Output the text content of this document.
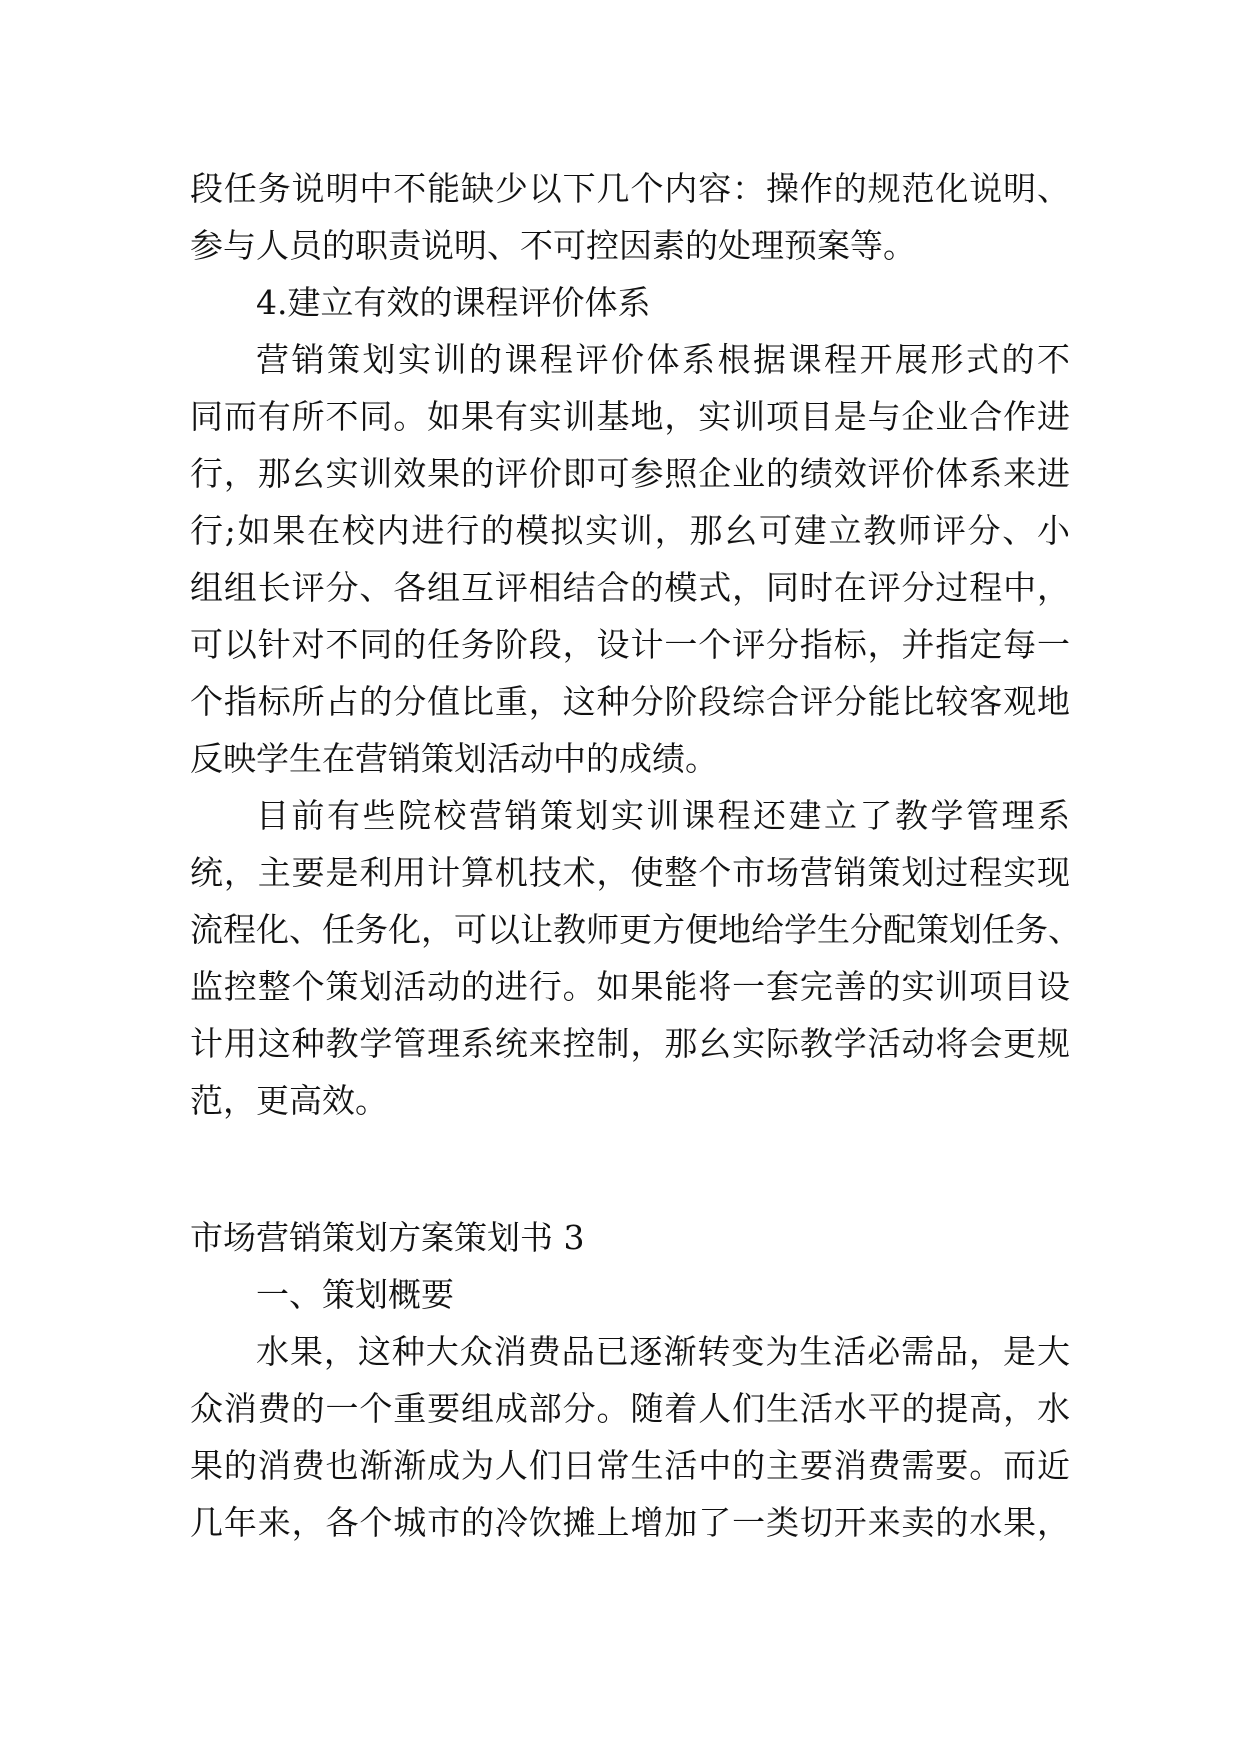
段任务说明中不能缺少以下几个内容：操作的规范化说明、
参与人员的职责说明、不可控因素的处理预案等。
4.建立有效的课程评价体系
营销策划实训的课程评价体系根据课程开展形式的不
同而有所不同。如果有实训基地，实训项目是与企业合作进
行，那幺实训效果的评价即可参照企业的绩效评价体系来进
行;如果在校内进行的模拟实训，那幺可建立教师评分、小
组组长评分、各组互评相结合的模式，同时在评分过程中，
可以针对不同的任务阶段，设计一个评分指标，并指定每一
个指标所占的分值比重，这种分阶段综合评分能比较客观地
反映学生在营销策划活动中的成绩。
目前有些院校营销策划实训课程还建立了教学管理系
统，主要是利用计算机技术，使整个市场营销策划过程实现
流程化、任务化，可以让教师更方便地给学生分配策划任务、
监控整个策划活动的进行。如果能将一套完善的实训项目设
计用这种教学管理系统来控制，那幺实际教学活动将会更规
范，更高效。
市场营销策划方案策划书 3
一、策划概要
水果，这种大众消费品已逐渐转变为生活必需品，是大
众消费的一个重要组成部分。随着人们生活水平的提高，水
果的消费也渐渐成为人们日常生活中的主要消费需要。而近
几年来，各个城市的冷饮摊上增加了一类切开来卖的水果，
